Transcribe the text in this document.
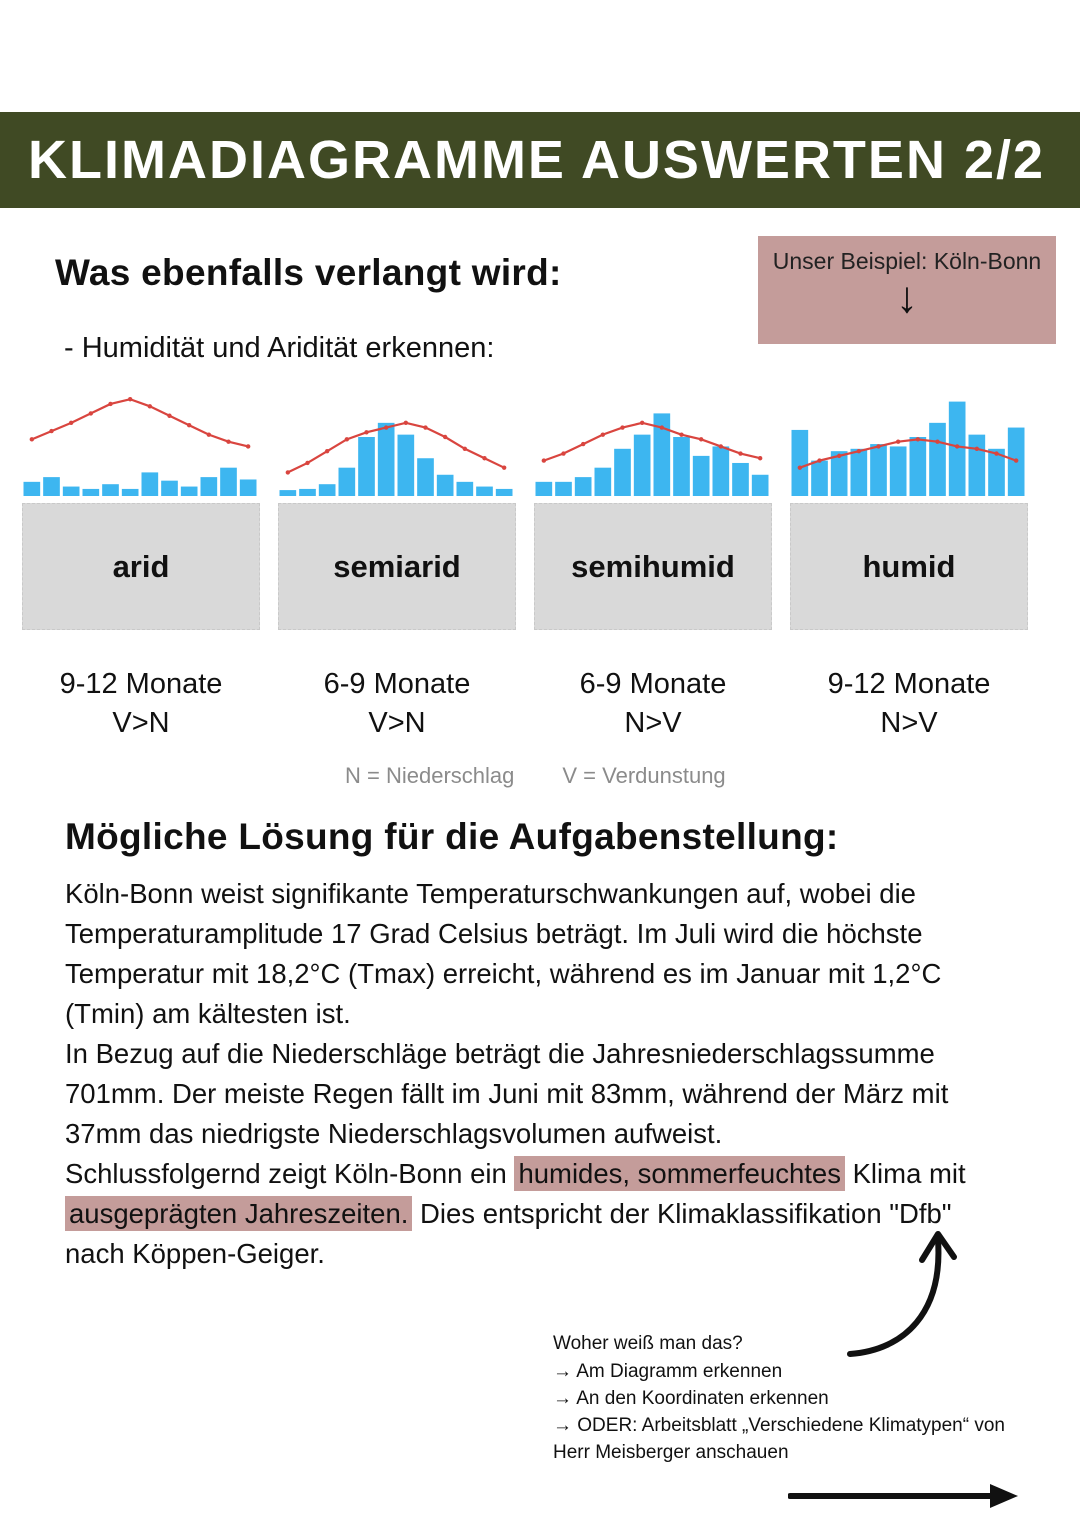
KLIMADIAGRAMME AUSWERTEN 2/2
Was ebenfalls verlangt wird:	Unser Beispiel: Köln-Bonn
↓

- Humidität und Aridität erkennen:

arid
9-12 Monate
V>N
semiarid
6-9 Monate
V>N
semihumid
6-9 Monate
N>V
humid
9-12 Monate
N>V
N = Niederschlag V = Verdunstung
Mögliche Lösung für die Aufgabenstellung:

Köln-Bonn weist signifikante Temperaturschwankungen auf, wobei die Temperaturamplitude 17 Grad Celsius beträgt. Im Juli wird die höchste Temperatur mit 18,2°C (Tmax) erreicht, während es im Januar mit 1,2°C (Tmin) am kältesten ist.

In Bezug auf die Niederschläge beträgt die Jahresniederschlagssumme 701mm. Der meiste Regen fällt im Juni mit 83mm, während der März mit 37mm das niedrigste Niederschlagsvolumen aufweist.

Schlussfolgernd zeigt Köln-Bonn ein humides, sommerfeuchtes Klima mit ausgeprägten Jahreszeiten. Dies entspricht der Klimaklassifikation "Dfb" nach Köppen-Geiger.

Woher weiß man das?
→ Am Diagramm erkennen
→ An den Koordinaten erkennen
→ ODER: Arbeitsblatt „Verschiedene Klimatypen“ von Herr Meisberger anschauen
